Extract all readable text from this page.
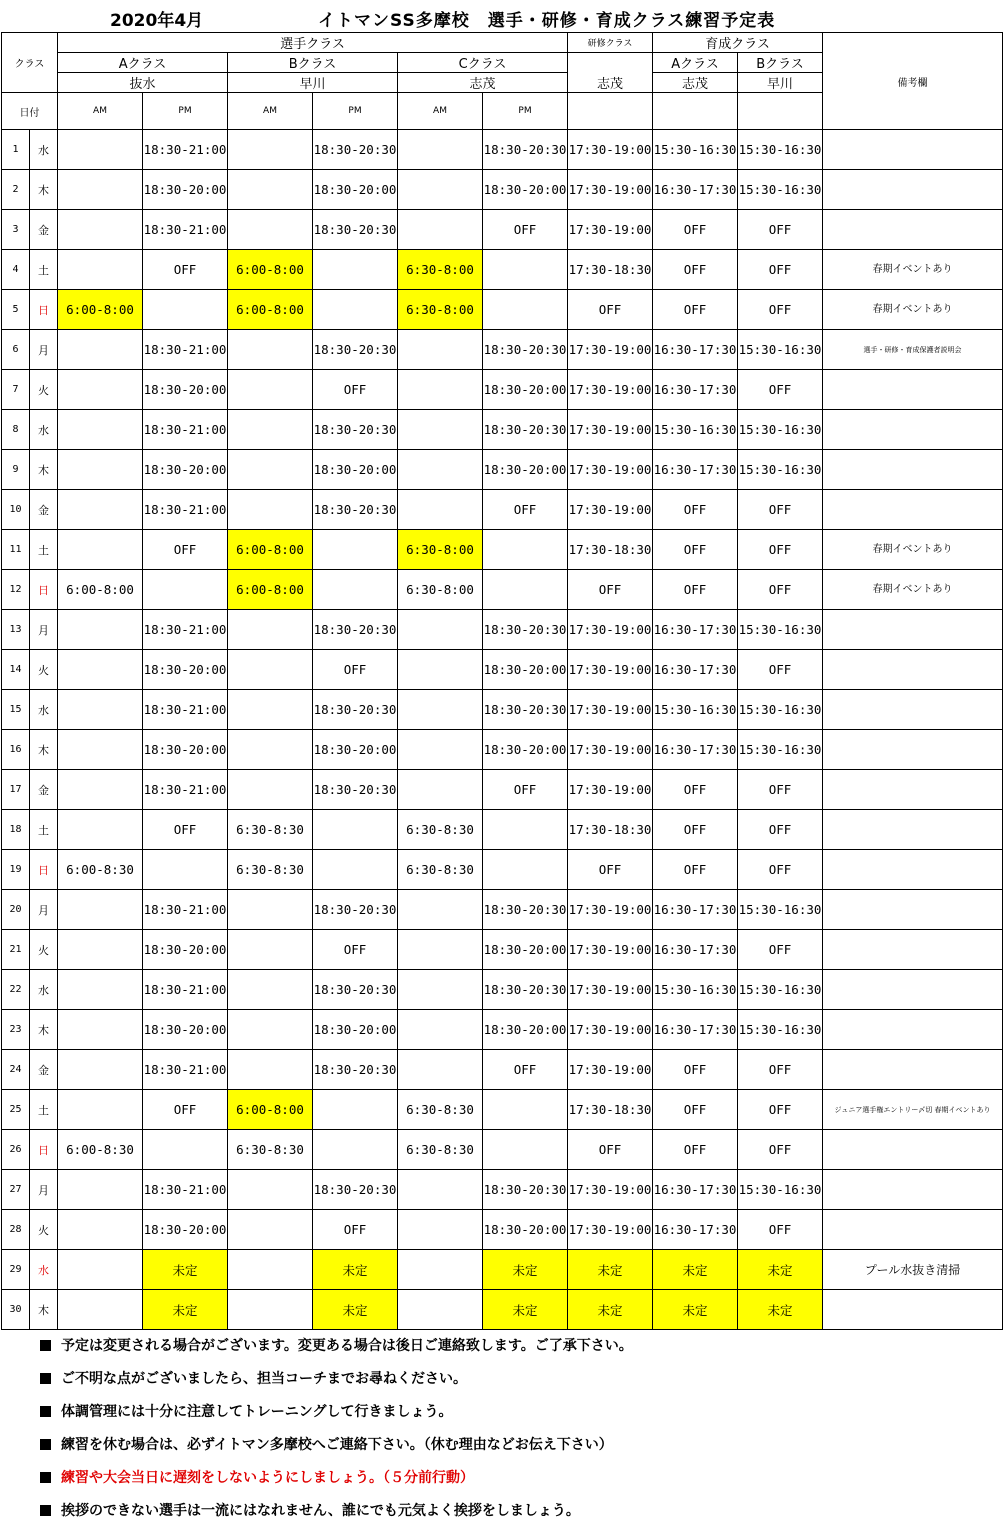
2020年4月	イトマンSS多摩校　選手・研修・育成クラス練習予定表
クラス		選手クラス						研修クラス	育成クラス		備考欄
		Aクラス		Bクラス		Cクラス		志茂	Aクラス	Bクラス	
		抜水		早川		志茂			志茂	早川	
日付		AM	PM	AM	PM	AM	PM				
1	水		18:30-21:00		18:30-20:30		18:30-20:30	17:30-19:00	15:30-16:30	15:30-16:30	
2	木		18:30-20:00		18:30-20:00		18:30-20:00	17:30-19:00	16:30-17:30	15:30-16:30	
3	金		18:30-21:00		18:30-20:30		OFF	17:30-19:00	OFF	OFF	
4	土		OFF	6:00-8:00		6:30-8:00		17:30-18:30	OFF	OFF	春期イベントあり
5	日	6:00-8:00		6:00-8:00		6:30-8:00		OFF	OFF	OFF	春期イベントあり
6	月		18:30-21:00		18:30-20:30		18:30-20:30	17:30-19:00	16:30-17:30	15:30-16:30	選手・研修・育成保護者説明会
7	火		18:30-20:00		OFF		18:30-20:00	17:30-19:00	16:30-17:30	OFF	
8	水		18:30-21:00		18:30-20:30		18:30-20:30	17:30-19:00	15:30-16:30	15:30-16:30	
9	木		18:30-20:00		18:30-20:00		18:30-20:00	17:30-19:00	16:30-17:30	15:30-16:30	
10	金		18:30-21:00		18:30-20:30		OFF	17:30-19:00	OFF	OFF	
11	土		OFF	6:00-8:00		6:30-8:00		17:30-18:30	OFF	OFF	春期イベントあり
12	日	6:00-8:00		6:00-8:00		6:30-8:00		OFF	OFF	OFF	春期イベントあり
13	月		18:30-21:00		18:30-20:30		18:30-20:30	17:30-19:00	16:30-17:30	15:30-16:30	
14	火		18:30-20:00		OFF		18:30-20:00	17:30-19:00	16:30-17:30	OFF	
15	水		18:30-21:00		18:30-20:30		18:30-20:30	17:30-19:00	15:30-16:30	15:30-16:30	
16	木		18:30-20:00		18:30-20:00		18:30-20:00	17:30-19:00	16:30-17:30	15:30-16:30	
17	金		18:30-21:00		18:30-20:30		OFF	17:30-19:00	OFF	OFF	
18	土		OFF	6:30-8:30		6:30-8:30		17:30-18:30	OFF	OFF	
19	日	6:00-8:30		6:30-8:30		6:30-8:30		OFF	OFF	OFF	
20	月		18:30-21:00		18:30-20:30		18:30-20:30	17:30-19:00	16:30-17:30	15:30-16:30	
21	火		18:30-20:00		OFF		18:30-20:00	17:30-19:00	16:30-17:30	OFF	
22	水		18:30-21:00		18:30-20:30		18:30-20:30	17:30-19:00	15:30-16:30	15:30-16:30	
23	木		18:30-20:00		18:30-20:00		18:30-20:00	17:30-19:00	16:30-17:30	15:30-16:30	
24	金		18:30-21:00		18:30-20:30		OFF	17:30-19:00	OFF	OFF	
25	土		OFF	6:00-8:00		6:30-8:30		17:30-18:30	OFF	OFF	ジュニア選手権エントリー〆切 春期イベントあり
26	日	6:00-8:30		6:30-8:30		6:30-8:30		OFF	OFF	OFF	
27	月		18:30-21:00		18:30-20:30		18:30-20:30	17:30-19:00	16:30-17:30	15:30-16:30	
28	火		18:30-20:00		OFF		18:30-20:00	17:30-19:00	16:30-17:30	OFF	
29	水		未定		未定		未定	未定	未定	未定	プール水抜き清掃
30	木		未定		未定		未定	未定	未定	未定	
予定は変更される場合がございます。変更ある場合は後日ご連絡致します。ご了承下さい。
ご不明な点がございましたら、担当コーチまでお尋ねください。
体調管理には十分に注意してトレーニングして行きましょう。
練習を休む場合は、必ずイトマン多摩校へご連絡下さい。（休む理由などお伝え下さい）
練習や大会当日に遅刻をしないようにしましょう。（５分前行動）
挨拶のできない選手は一流にはなれません、誰にでも元気よく挨拶をしましょう。
